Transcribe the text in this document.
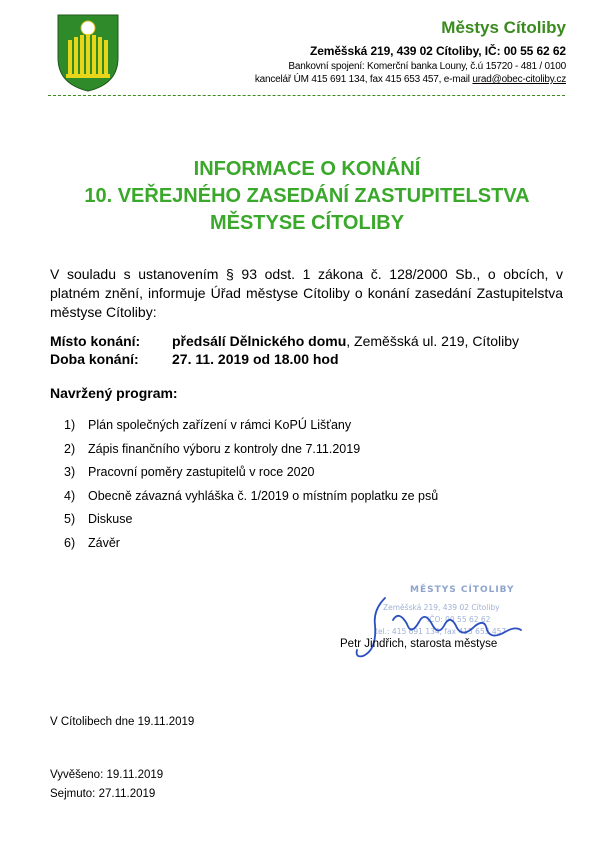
Městys Cítoliby
Zeměšská 219, 439 02 Cítoliby, IČ: 00 55 62 62
Bankovní spojení: Komerční banka Louny, č.ú 15720 - 481 / 0100
kancelář ÚM 415 691 134, fax 415 653 457, e-mail urad@obec-citoliby.cz
INFORMACE O KONÁNÍ
10. VEŘEJNÉHO ZASEDÁNÍ ZASTUPITELSTVA
MĚSTYSE CÍTOLIBY
V souladu s ustanovením § 93 odst. 1 zákona č. 128/2000 Sb., o obcích, v platném znění, informuje Úřad městyse Cítoliby o konání zasedání Zastupitelstva městyse Cítoliby:
Místo konání: předsálí Dělnického domu, Zeměšská ul. 219, Cítoliby
Doba konání: 27. 11. 2019 od 18.00 hod
Navržený program:
1) Plán společných zařízení v rámci KoPÚ Lišťany
2) Zápis finančního výboru z kontroly dne 7.11.2019
3) Pracovní poměry zastupitelů v roce 2020
4) Obecně závazná vyhláška č. 1/2019 o místním poplatku ze psů
5) Diskuse
6) Závěr
MĚSTYS CÍTOLIBY
Zeměšská 219, 439 02 Cítoliby
IČO: 00 55 62 62
tel.: 415 691 134, fax 415 653 457
Petr Jindřich, starosta městyse
V Cítolibech dne 19.11.2019
Vyvěšeno: 19.11.2019
Sejmuto: 27.11.2019
